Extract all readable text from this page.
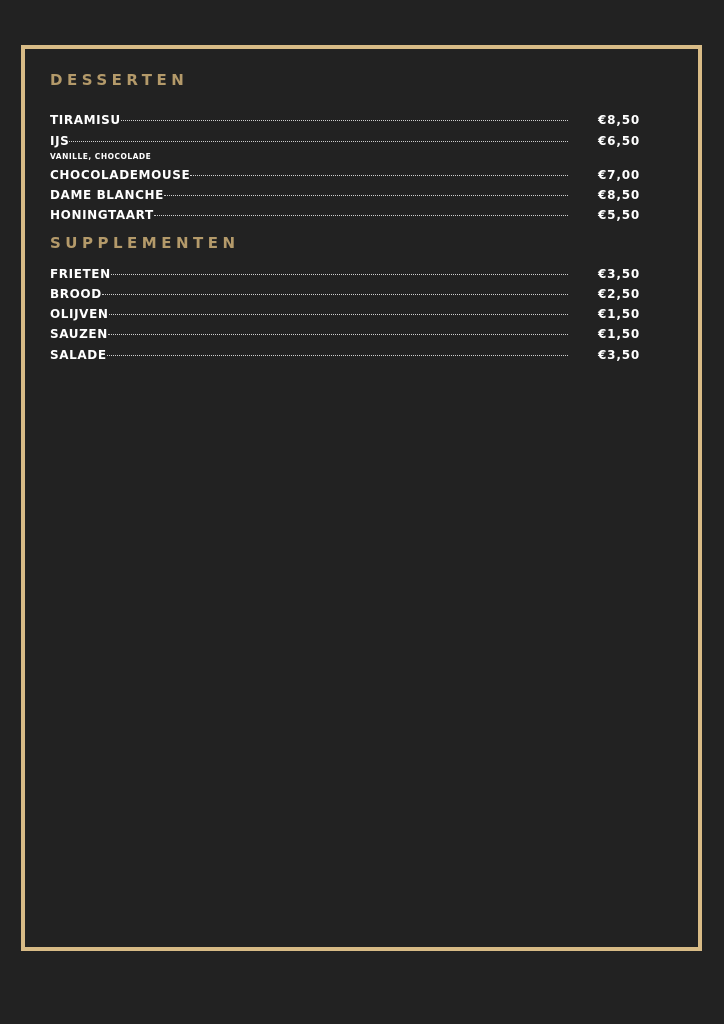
DESSERTEN
TIRAMISU	€8,50
IJS	€6,50
VANILLE, CHOCOLADE
CHOCOLADEMOUSE	€7,00
DAME BLANCHE	€8,50
HONINGTAART	€5,50
SUPPLEMENTEN
FRIETEN	€3,50
BROOD	€2,50
OLIJVEN	€1,50
SAUZEN	€1,50
SALADE	€3,50
